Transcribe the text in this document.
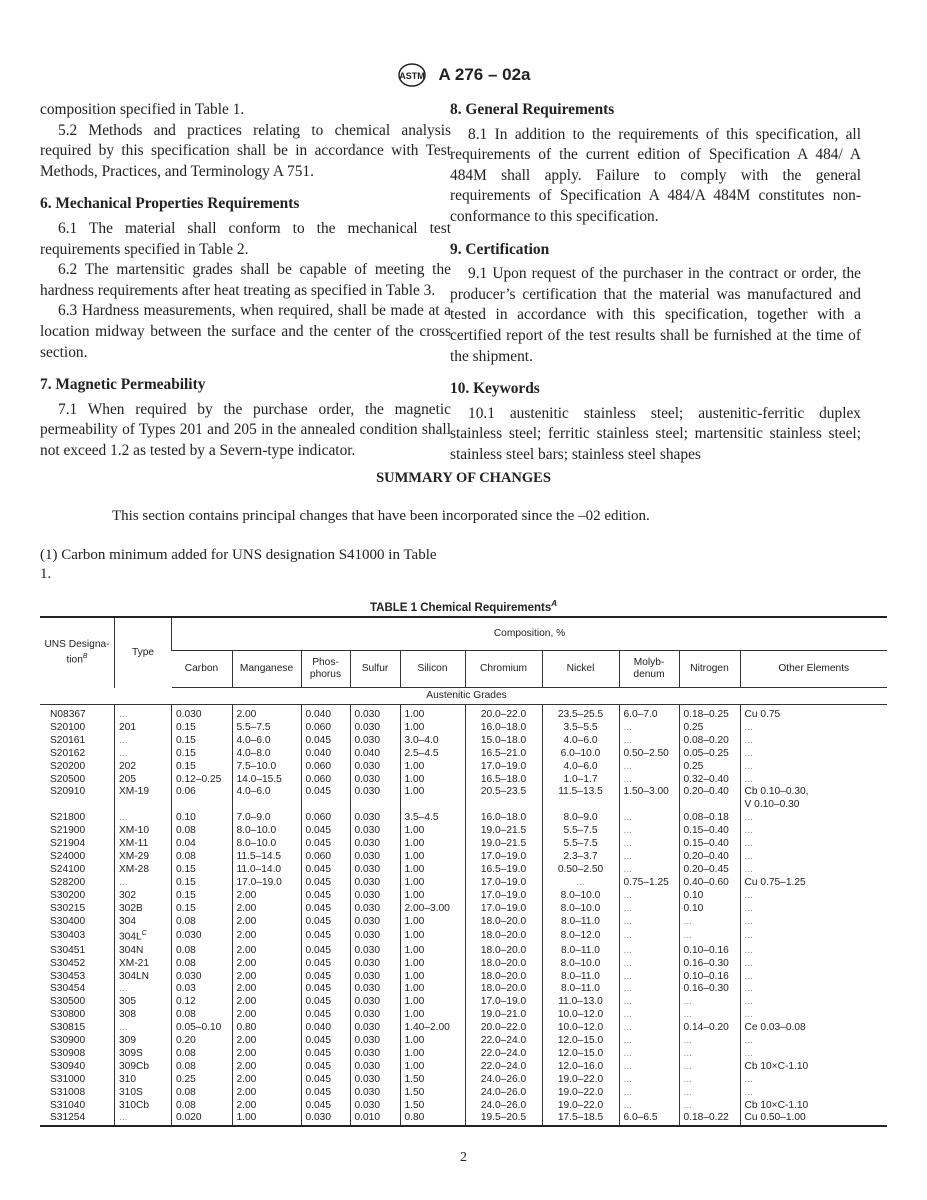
ASTM A 276 – 02a

composition specified in Table 1.

5.2 Methods and practices relating to chemical analysis required by this specification shall be in accordance with Test Methods, Practices, and Terminology A 751.

6. Mechanical Properties Requirements

6.1 The material shall conform to the mechanical test requirements specified in Table 2.

6.2 The martensitic grades shall be capable of meeting the hardness requirements after heat treating as specified in Table 3.

6.3 Hardness measurements, when required, shall be made at a location midway between the surface and the center of the cross section.

7. Magnetic Permeability

7.1 When required by the purchase order, the magnetic permeability of Types 201 and 205 in the annealed condition shall not exceed 1.2 as tested by a Severn-type indicator.

8. General Requirements

8.1 In addition to the requirements of this specification, all requirements of the current edition of Specification A 484/ A 484M shall apply. Failure to comply with the general requirements of Specification A 484/A 484M constitutes non-conformance to this specification.

9. Certification

9.1 Upon request of the purchaser in the contract or order, the producer’s certification that the material was manufactured and tested in accordance with this specification, together with a certified report of the test results shall be furnished at the time of the shipment.

10. Keywords

10.1 austenitic stainless steel; austenitic-ferritic duplex stainless steel; ferritic stainless steel; martensitic stainless steel; stainless steel bars; stainless steel shapes

SUMMARY OF CHANGES
This section contains principal changes that have been incorporated since the –02 edition.
(1) Carbon minimum added for UNS designation S41000 in Table 1.
TABLE 1 Chemical Requirements$^A$
UNS Designa- tion$^B$	Type	Composition, %									
		Carbon	Manganese	Phos- phorus	Sulfur	Silicon	Chromium	Nickel	Molyb- denum	Nitrogen	Other Elements
Austenitic Grades											
N08367	...	0.030	2.00	0.040	0.030	1.00	20.0–22.0	23.5–25.5	6.0–7.0	0.18–0.25	Cu 0.75
S20100	201	0.15	5.5–7.5	0.060	0.030	1.00	16.0–18.0	3.5–5.5	...	0.25	...
S20161	...	0.15	4.0–6.0	0.045	0.030	3.0–4.0	15.0–18.0	4.0–6.0	...	0.08–0.20	...
S20162	...	0.15	4.0–8.0	0.040	0.040	2.5–4.5	16.5–21.0	6.0–10.0	0.50–2.50	0.05–0.25	...
S20200	202	0.15	7.5–10.0	0.060	0.030	1.00	17.0–19.0	4.0–6.0	...	0.25	...
S20500	205	0.12–0.25	14.0–15.5	0.060	0.030	1.00	16.5–18.0	1.0–1.7	...	0.32–0.40	...
S20910	XM-19	0.06	4.0–6.0	0.045	0.030	1.00	20.5–23.5	11.5–13.5	1.50–3.00	0.20–0.40	Cb 0.10–0.30,
											V 0.10–0.30
S21800	...	0.10	7.0–9.0	0.060	0.030	3.5–4.5	16.0–18.0	8.0–9.0	...	0.08–0.18	...
S21900	XM-10	0.08	8.0–10.0	0.045	0.030	1.00	19.0–21.5	5.5–7.5	...	0.15–0.40	...
S21904	XM-11	0.04	8.0–10.0	0.045	0.030	1.00	19.0–21.5	5.5–7.5	...	0.15–0.40	...
S24000	XM-29	0.08	11.5–14.5	0.060	0.030	1.00	17.0–19.0	2.3–3.7	...	0.20–0.40	...
S24100	XM-28	0.15	11.0–14.0	0.045	0.030	1.00	16.5–19.0	0.50–2.50	...	0.20–0.45	...
S28200	...	0.15	17.0–19.0	0.045	0.030	1.00	17.0–19.0	...	0.75–1.25	0.40–0.60	Cu 0.75–1.25
S30200	302	0.15	2.00	0.045	0.030	1.00	17.0–19.0	8.0–10.0	...	0.10	...
S30215	302B	0.15	2.00	0.045	0.030	2.00–3.00	17.0–19.0	8.0–10.0	...	0.10	...
S30400	304	0.08	2.00	0.045	0.030	1.00	18.0–20.0	8.0–11.0	...	...	...
S30403	$304L^C$	0.030	2.00	0.045	0.030	1.00	18.0–20.0	8.0–12.0	...	...	...
S30451	304N	0.08	2.00	0.045	0.030	1.00	18.0–20.0	8.0–11.0	...	0.10–0.16	...
S30452	XM-21	0.08	2.00	0.045	0.030	1.00	18.0–20.0	8.0–10.0	...	0.16–0.30	...
S30453	304LN	0.030	2.00	0.045	0.030	1.00	18.0–20.0	8.0–11.0	...	0.10–0.16	...
S30454	...	0.03	2.00	0.045	0.030	1.00	18.0–20.0	8.0–11.0	...	0.16–0.30	...
S30500	305	0.12	2.00	0.045	0.030	1.00	17.0–19.0	11.0–13.0	...	...	...
S30800	308	0.08	2.00	0.045	0.030	1.00	19.0–21.0	10.0–12.0	...	...	...
S30815	...	0.05–0.10	0.80	0.040	0.030	1.40–2.00	20.0–22.0	10.0–12.0	...	0.14–0.20	Ce 0.03–0.08
S30900	309	0.20	2.00	0.045	0.030	1.00	22.0–24.0	12.0–15.0	...	...	...
S30908	309S	0.08	2.00	0.045	0.030	1.00	22.0–24.0	12.0–15.0	...	...	...
S30940	309Cb	0.08	2.00	0.045	0.030	1.00	22.0–24.0	12.0–16.0	...	...	Cb 10×C-1.10
S31000	310	0.25	2.00	0.045	0.030	1.50	24.0–26.0	19.0–22.0	...	...	...
S31008	310S	0.08	2.00	0.045	0.030	1.50	24.0–26.0	19.0–22.0	...	...	...
S31040	310Cb	0.08	2.00	0.045	0.030	1.50	24.0–26.0	19.0–22.0	...	...	Cb 10×C-1.10
S31254	...	0.020	1.00	0.030	0.010	0.80	19.5–20.5	17.5–18.5	6.0–6.5	0.18–0.22	Cu 0.50–1.00
2
